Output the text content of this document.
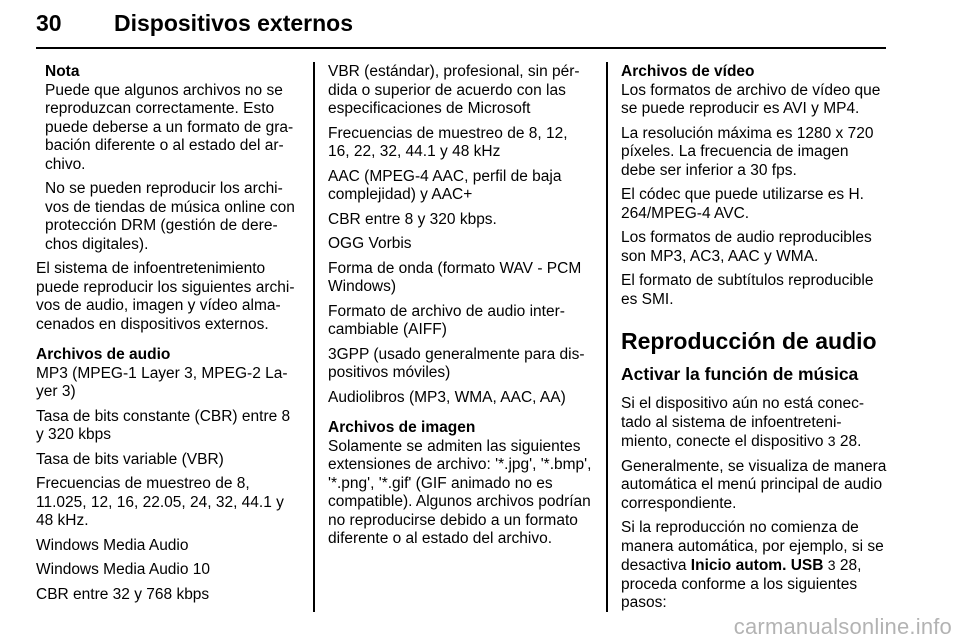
30 Dispositivos externos
Nota

Puede que algunos archivos no se reproduzcan correctamente. Esto puede deberse a un formato de grabación diferente o al estado del archivo.

No se pueden reproducir los archivos de tiendas de música online con protección DRM (gestión de derechos digitales).

El sistema de infoentretenimiento puede reproducir los siguientes archivos de audio, imagen y vídeo almacenados en dispositivos externos.

Archivos de audio

MP3 (MPEG-1 Layer 3, MPEG-2 Layer 3)

Tasa de bits constante (CBR) entre 8 y 320 kbps

Tasa de bits variable (VBR)

Frecuencias de muestreo de 8, 11.025, 12, 16, 22.05, 24, 32, 44.1 y 48 kHz.

Windows Media Audio

Windows Media Audio 10

CBR entre 32 y 768 kbps

VBR (estándar), profesional, sin pérdida o superior de acuerdo con las especificaciones de Microsoft

Frecuencias de muestreo de 8, 12, 16, 22, 32, 44.1 y 48 kHz

AAC (MPEG-4 AAC, perfil de baja complejidad) y AAC+

CBR entre 8 y 320 kbps.

OGG Vorbis

Forma de onda (formato WAV - PCM Windows)

Formato de archivo de audio intercambiable (AIFF)

3GPP (usado generalmente para dispositivos móviles)

Audiolibros (MP3, WMA, AAC, AA)

Archivos de imagen

Solamente se admiten las siguientes extensiones de archivo: '*.jpg', '*.bmp', '*.png', '*.gif' (GIF animado no es compatible). Algunos archivos podrían no reproducirse debido a un formato diferente o al estado del archivo.

Archivos de vídeo

Los formatos de archivo de vídeo que se puede reproducir es AVI y MP4.

La resolución máxima es 1280 x 720 píxeles. La frecuencia de imagen debe ser inferior a 30 fps.

El códec que puede utilizarse es H. 264/MPEG-4 AVC.

Los formatos de audio reproducibles son MP3, AC3, AAC y WMA.

El formato de subtítulos reproducible es SMI.

Reproducción de audio
Activar la función de música

Si el dispositivo aún no está conectado al sistema de infoentretenimiento, conecte el dispositivo 3 28.

Generalmente, se visualiza de manera automática el menú principal de audio correspondiente.

Si la reproducción no comienza de manera automática, por ejemplo, si se desactiva Inicio autom. USB 3 28, proceda conforme a los siguientes pasos:

carmanualsonline.info
